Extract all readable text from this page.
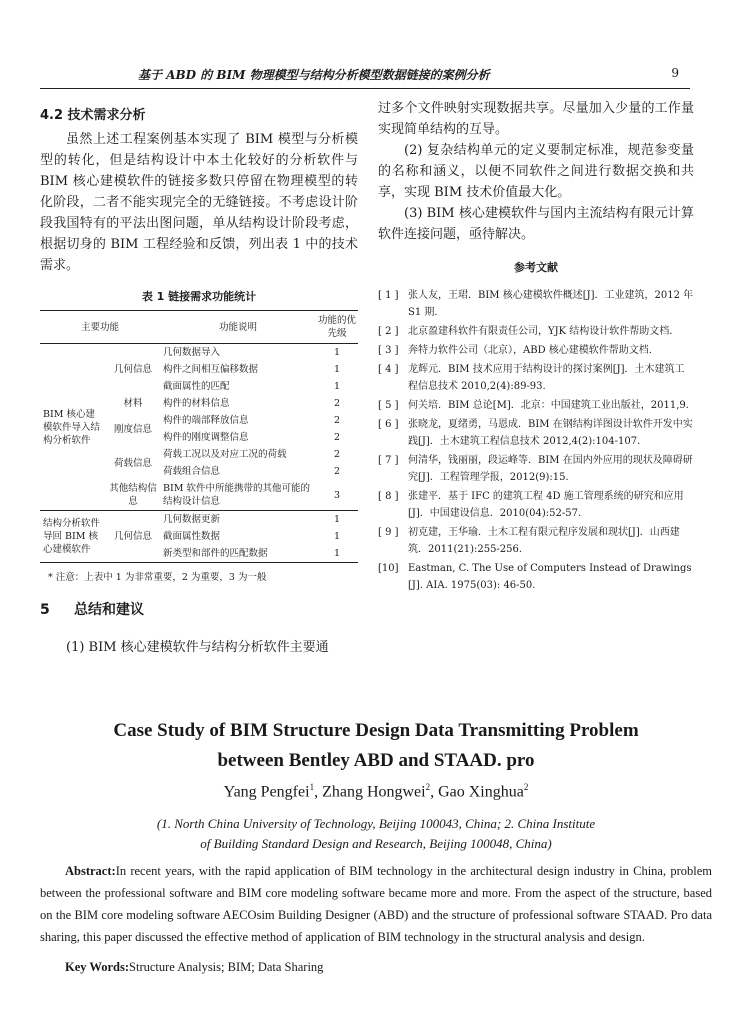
基于 ABD 的 BIM 物理模型与结构分析模型数据链接的案例分析	9
4.2 技术需求分析

虽然上述工程案例基本实现了 BIM 模型与分析模型的转化，但是结构设计中本土化较好的分析软件与 BIM 核心建模软件的链接多数只停留在物理模型的转化阶段，二者不能实现完全的无缝链接。不考虑设计阶段我国特有的平法出图问题，单从结构设计阶段考虑，根据切身的 BIM 工程经验和反馈，列出表 1 中的技术需求。

表 1 链接需求功能统计
主要功能		功能说明	功能的优先级
BIM 核心建模软件导入结构分析软件	几何信息	几何数据导入	1
		构件之间相互偏移数据	1
		截面属性的匹配	1
	材料	构件的材料信息	2
	刚度信息	构件的端部释放信息	2
		构件的刚度调整信息	2
	荷载信息	荷载工况以及对应工况的荷载	2
		荷载组合信息	2
	其他结构信息	BIM 软件中所能携带的其他可能的结构设计信息	3
结构分析软件导回 BIM 核心建模软件	几何信息	几何数据更新	1
		截面属性数据	1
		新类型和部件的匹配数据	1
* 注意：上表中 1 为非常重要，2 为重要，3 为一般
5 总结和建议

(1) BIM 核心建模软件与结构分析软件主要通

过多个文件映射实现数据共享。尽量加入少量的工作量实现简单结构的互导。

(2) 复杂结构单元的定义要制定标准，规范参变量的名称和涵义，以便不同软件之间进行数据交换和共享，实现 BIM 技术价值最大化。

(3) BIM 核心建模软件与国内主流结构有限元计算软件连接问题，亟待解决。

参考文献
[ 1 ] 张人友，王珺．BIM 核心建模软件概述[J]．工业建筑，2012 年 S1 期．
[ 2 ] 北京盈建科软件有限责任公司，YJK 结构设计软件帮助文档．
[ 3 ] 奔特力软件公司（北京），ABD 核心建模软件帮助文档．
[ 4 ] 龙辉元．BIM 技术应用于结构设计的探讨案例[J]．土木建筑工程信息技术 2010,2(4):89-93.
[ 5 ] 何关培．BIM 总论[M]．北京：中国建筑工业出版社，2011,9.
[ 6 ] 张晓龙，夏绪勇，马恩成．BIM 在钢结构详图设计软件开发中实践[J]．土木建筑工程信息技术 2012,4(2):104-107.
[ 7 ] 何清华，钱丽丽，段运峰等．BIM 在国内外应用的现状及障碍研究[J]．工程管理学报，2012(9):15.
[ 8 ] 张建平．基于 IFC 的建筑工程 4D 施工管理系统的研究和应用[J]．中国建设信息．2010(04):52-57.
[ 9 ] 初克建，王华瑜．土木工程有限元程序发展和现状[J]．山西建筑．2011(21):255-256.
[10] Eastman, C. The Use of Computers Instead of Drawings [J]. AIA. 1975(03): 46-50.
Case Study of BIM Structure Design Data Transmitting Problem
between Bentley ABD and STAAD. pro
Yang Pengfei$^1$, Zhang Hongwei$^2$, Gao Xinghua$^2$
(1. North China University of Technology, Beijing 100043, China; 2. China Institute
of Building Standard Design and Research, Beijing 100048, China)

Abstract:In recent years, with the rapid application of BIM technology in the architectural design industry in China, problem between the professional software and BIM core modeling software became more and more. From the aspect of the structure, based on the BIM core modeling software AECOsim Building Designer (ABD) and the structure of professional software STAAD. Pro data sharing, this paper discussed the effective method of application of BIM technology in the structural analysis and design.

Key Words:Structure Analysis; BIM; Data Sharing
